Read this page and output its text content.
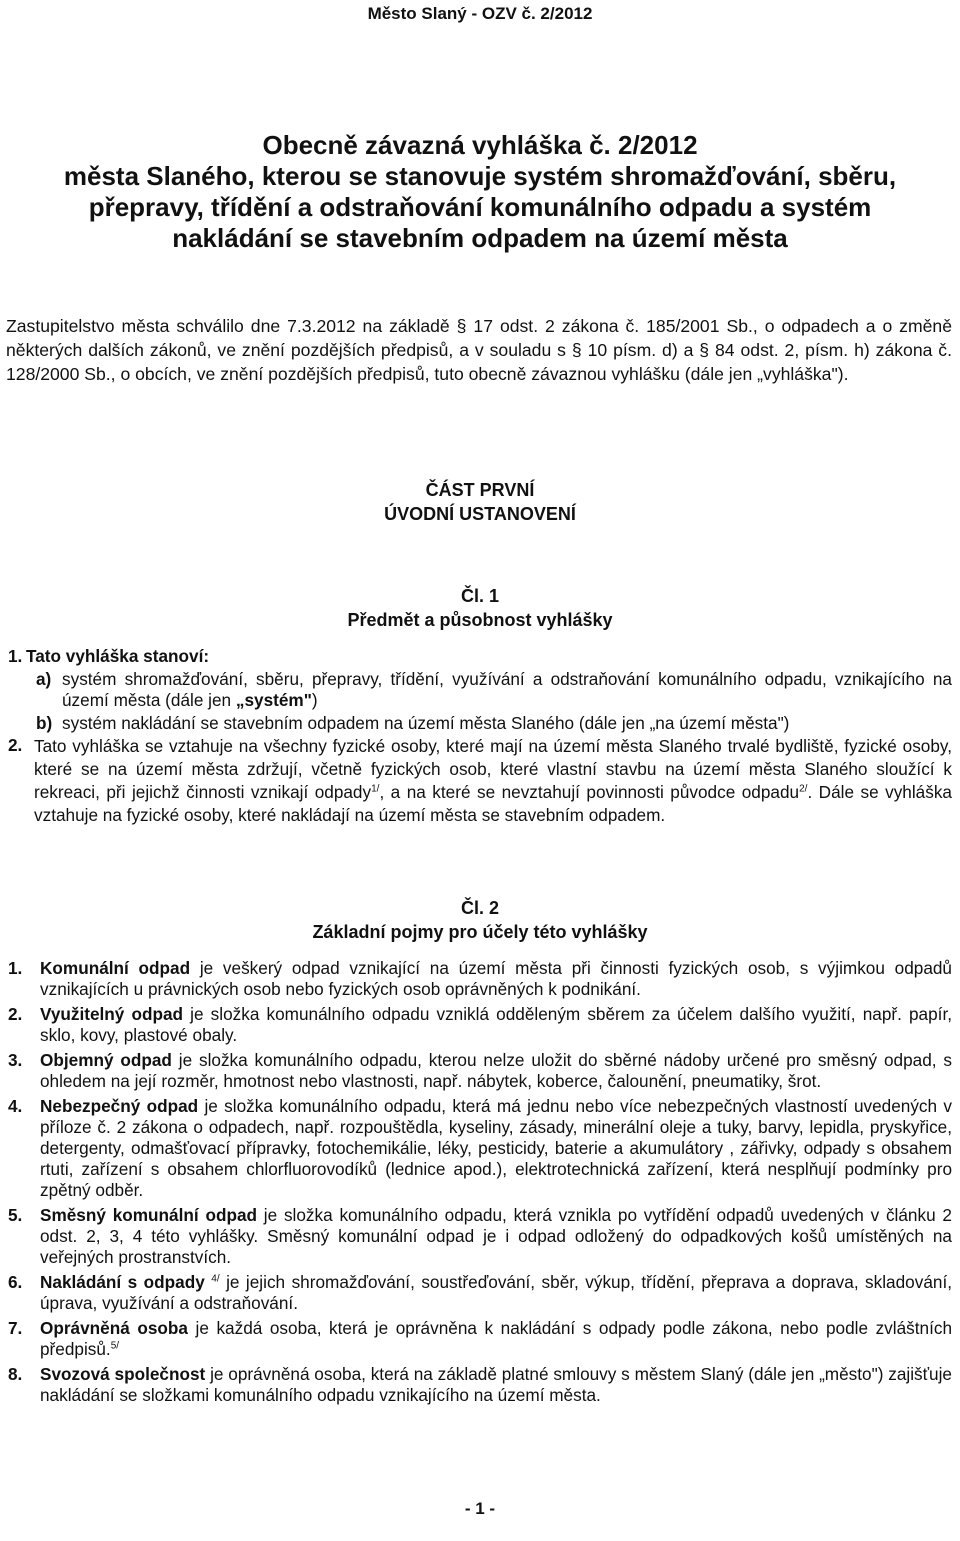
Město Slaný - OZV č. 2/2012
Obecně závazná vyhláška č. 2/2012
města Slaného, kterou se stanovuje systém shromažďování, sběru, přepravy, třídění a odstraňování komunálního odpadu a systém nakládání se stavebním odpadem na území města
Zastupitelstvo města schválilo dne 7.3.2012 na základě § 17 odst. 2 zákona č. 185/2001 Sb., o odpadech a o změně některých dalších zákonů, ve znění pozdějších předpisů, a v souladu s § 10 písm. d) a § 84 odst. 2, písm. h) zákona č. 128/2000 Sb., o obcích, ve znění pozdějších předpisů, tuto obecně závaznou vyhlášku (dále jen „vyhláška").
ČÁST PRVNÍ
ÚVODNÍ USTANOVENÍ
Čl. 1
Předmět a působnost vyhlášky
1. Tato vyhláška stanoví:
a) systém shromažďování, sběru, přepravy, třídění, využívání a odstraňování komunálního odpadu, vznikajícího na území města (dále jen „systém")
b) systém nakládání se stavebním odpadem na území města Slaného (dále jen „na území města")
2. Tato vyhláška se vztahuje na všechny fyzické osoby, které mají na území města Slaného trvalé bydliště, fyzické osoby, které se na území města zdržují, včetně fyzických osob, které vlastní stavbu na území města Slaného sloužící k rekreaci, při jejichž činnosti vznikají odpady$^{1/}$, a na které se nevztahují povinnosti původce odpadu$^{2/}$. Dále se vyhláška vztahuje na fyzické osoby, které nakládají na území města se stavebním odpadem.
Čl. 2
Základní pojmy pro účely této vyhlášky
1.	Komunální odpad je veškerý odpad vznikající na území města při činnosti fyzických osob, s výjimkou odpadů vznikajících u právnických osob nebo fyzických osob oprávněných k podnikání.
2.	Využitelný odpad je složka komunálního odpadu vzniklá odděleným sběrem za účelem dalšího využití, např. papír, sklo, kovy, plastové obaly.
3.	Objemný odpad je složka komunálního odpadu, kterou nelze uložit do sběrné nádoby určené pro směsný odpad, s ohledem na její rozměr, hmotnost nebo vlastnosti, např. nábytek, koberce, čalounění, pneumatiky, šrot.
4.	Nebezpečný odpad je složka komunálního odpadu, která má jednu nebo více nebezpečných vlastností uvedených v příloze č. 2 zákona o odpadech, např. rozpouštědla, kyseliny, zásady, minerální oleje a tuky, barvy, lepidla, pryskyřice, detergenty, odmašťovací přípravky, fotochemikálie, léky, pesticidy, baterie a akumulátory , zářivky, odpady s obsahem rtuti, zařízení s obsahem chlorfluorovodíků (lednice apod.), elektrotechnická zařízení, která nesplňují podmínky pro zpětný odběr.
5.	Směsný komunální odpad je složka komunálního odpadu, která vznikla po vytřídění odpadů uvedených v článku 2 odst. 2, 3, 4 této vyhlášky. Směsný komunální odpad je i odpad odložený do odpadkových košů umístěných na veřejných prostranstvích.
6.	Nakládání s odpady $^{4/}$ je jejich shromažďování, soustřeďování, sběr, výkup, třídění, přeprava a doprava, skladování, úprava, využívání a odstraňování.
7.	Oprávněná osoba je každá osoba, která je oprávněna k nakládání s odpady podle zákona, nebo podle zvláštních předpisů.$^{5/}$
8.	Svozová společnost je oprávněná osoba, která na základě platné smlouvy s městem Slaný (dále jen „město") zajišťuje nakládání se složkami komunálního odpadu vznikajícího na území města.
- 1 -
